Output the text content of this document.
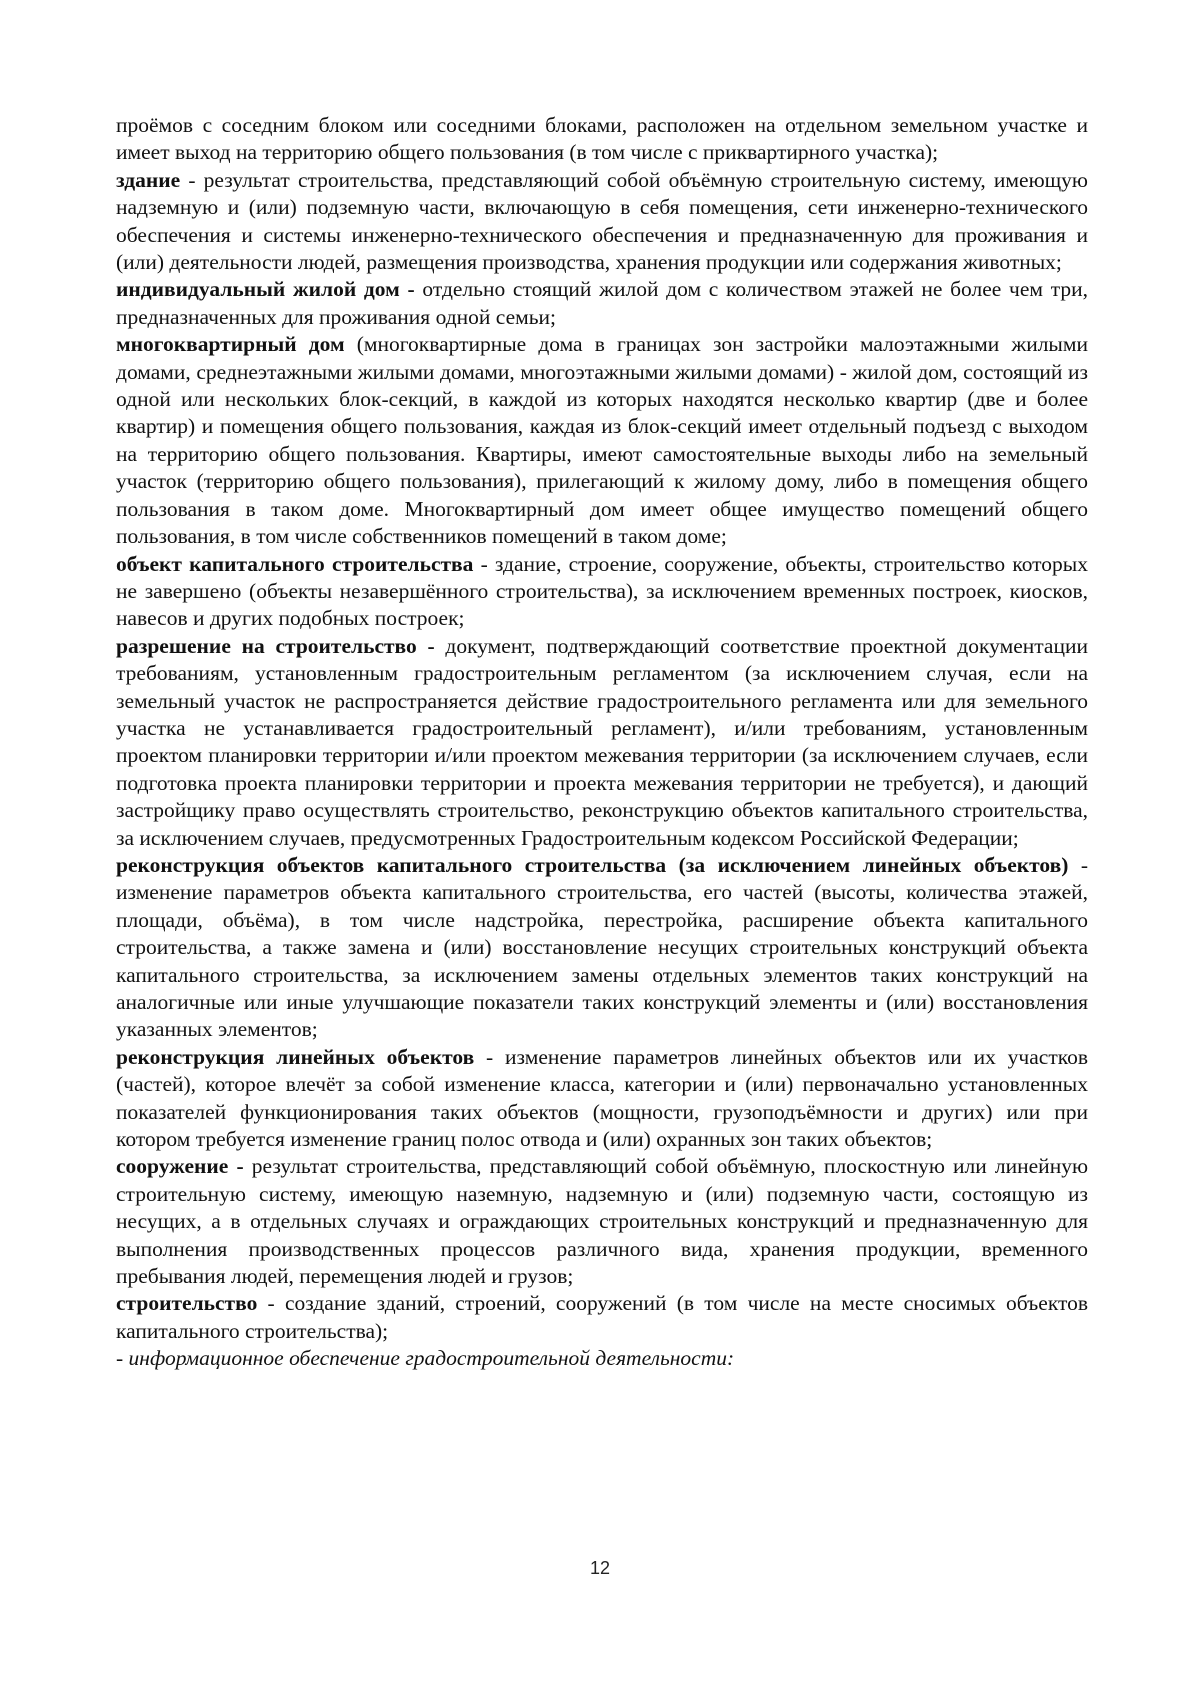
проёмов с соседним блоком или соседними блоками, расположен на отдельном земельном участке и имеет выход на территорию общего пользования (в том числе с приквартирного участка);

здание - результат строительства, представляющий собой объёмную строительную систему, имеющую надземную и (или) подземную части, включающую в себя помещения, сети инженерно-технического обеспечения и системы инженерно-технического обеспечения и предназначенную для проживания и (или) деятельности людей, размещения производства, хранения продукции или содержания животных;

индивидуальный жилой дом - отдельно стоящий жилой дом с количеством этажей не более чем три, предназначенных для проживания одной семьи;

многоквартирный дом (многоквартирные дома в границах зон застройки малоэтажными жилыми домами, среднеэтажными жилыми домами, многоэтажными жилыми домами) - жилой дом, состоящий из одной или нескольких блок-секций, в каждой из которых находятся несколько квартир (две и более квартир) и помещения общего пользования, каждая из блок-секций имеет отдельный подъезд с выходом на территорию общего пользования. Квартиры, имеют самостоятельные выходы либо на земельный участок (территорию общего пользования), прилегающий к жилому дому, либо в помещения общего пользования в таком доме. Многоквартирный дом имеет общее имущество помещений общего пользования, в том числе собственников помещений в таком доме;

объект капитального строительства - здание, строение, сооружение, объекты, строительство которых не завершено (объекты незавершённого строительства), за исключением временных построек, киосков, навесов и других подобных построек;

разрешение на строительство - документ, подтверждающий соответствие проектной документации требованиям, установленным градостроительным регламентом (за исключением случая, если на земельный участок не распространяется действие градостроительного регламента или для земельного участка не устанавливается градостроительный регламент), и/или требованиям, установленным проектом планировки территории и/или проектом межевания территории (за исключением случаев, если подготовка проекта планировки территории и проекта межевания территории не требуется), и дающий застройщику право осуществлять строительство, реконструкцию объектов капитального строительства, за исключением случаев, предусмотренных Градостроительным кодексом Российской Федерации;

реконструкция объектов капитального строительства (за исключением линейных объектов) - изменение параметров объекта капитального строительства, его частей (высоты, количества этажей, площади, объёма), в том числе надстройка, перестройка, расширение объекта капитального строительства, а также замена и (или) восстановление несущих строительных конструкций объекта капитального строительства, за исключением замены отдельных элементов таких конструкций на аналогичные или иные улучшающие показатели таких конструкций элементы и (или) восстановления указанных элементов;

реконструкция линейных объектов - изменение параметров линейных объектов или их участков (частей), которое влечёт за собой изменение класса, категории и (или) первоначально установленных показателей функционирования таких объектов (мощности, грузоподъёмности и других) или при котором требуется изменение границ полос отвода и (или) охранных зон таких объектов;

сооружение - результат строительства, представляющий собой объёмную, плоскостную или линейную строительную систему, имеющую наземную, надземную и (или) подземную части, состоящую из несущих, а в отдельных случаях и ограждающих строительных конструкций и предназначенную для выполнения производственных процессов различного вида, хранения продукции, временного пребывания людей, перемещения людей и грузов;

строительство - создание зданий, строений, сооружений (в том числе на месте сносимых объектов капитального строительства);

- информационное обеспечение градостроительной деятельности:

12
